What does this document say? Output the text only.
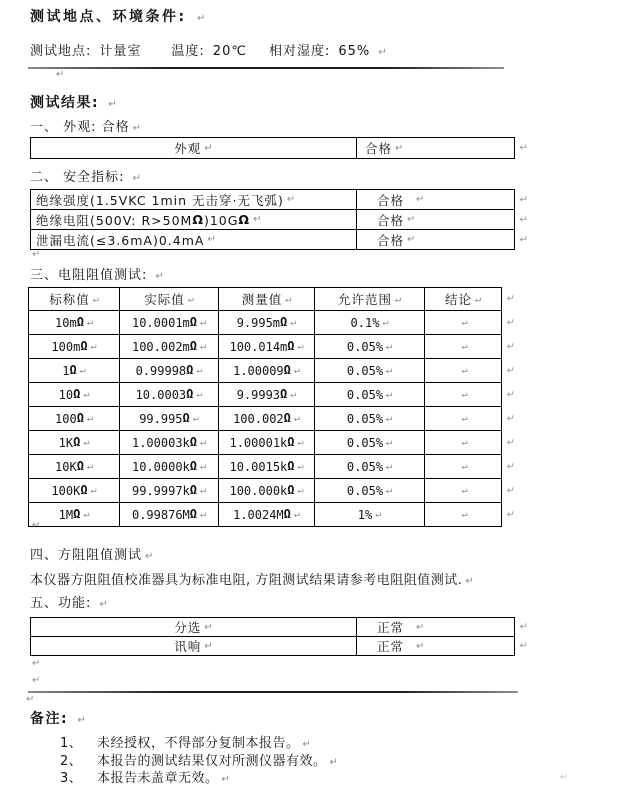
测试地点、环境条件: ↵
测试地点: 计量室 温度: 20℃ 相对湿度: 65% ↵
↵
测试结果: ↵
一、 外观: 合格 ↵
外观 ↵	合格 ↵	↵
二、 安全指标: ↵
绝缘强度(1.5VKC 1min 无击穿·无飞弧) ↵	合格 ↵	↵
绝缘电阻(500V: R>50MΩ)10GΩ ↵	合格 ↵	↵
泄漏电流(≤3.6mA)0.4mA ↵	合格 ↵	↵
↵
三、电阻阻值测试: ↵
标称值 ↵	实际值 ↵	测量值 ↵	允许范围 ↵	结论 ↵	↵
10mΩ ↵	10.0001mΩ ↵	9.995mΩ ↵	0.1% ↵	↵	↵
100mΩ ↵	100.002mΩ ↵ 100.014mΩ ↵	0.05% ↵	↵	↵
1Ω ↵	0.99998Ω ↵	1.00009Ω ↵	0.05% ↵	↵	↵
10Ω ↵	10.0003Ω ↵	9.9993Ω ↵	0.05% ↵	↵	↵
100Ω ↵	99.995Ω ↵	100.002Ω ↵	0.05% ↵	↵	↵
1KΩ ↵	1.00003kΩ ↵ 1.00001kΩ ↵	0.05% ↵	↵	↵
10KΩ ↵	10.0000kΩ ↵ 10.0015kΩ ↵	0.05% ↵	↵	↵
100KΩ ↵	99.9997kΩ ↵ 100.000kΩ ↵	0.05% ↵	↵	↵
1MΩ ↵	0.99876MΩ ↵ 1.0024MΩ ↵	1% ↵	↵	↵
↵
四、方阻阻值测试 ↵
本仪器方阻阻值校准器具为标准电阻, 方阻测试结果请参考电阻阻值测试. ↵
五、功能: ↵
分选 ↵	正常 ↵	↵
讯响 ↵	正常 ↵	↵
↵
↵
↵
备注: ↵
1、	未经授权，不得部分复制本报告。 ↵
2、	本报告的测试结果仅对所测仪器有效。 ↵
3、	本报告未盖章无效。 ↵	↵
